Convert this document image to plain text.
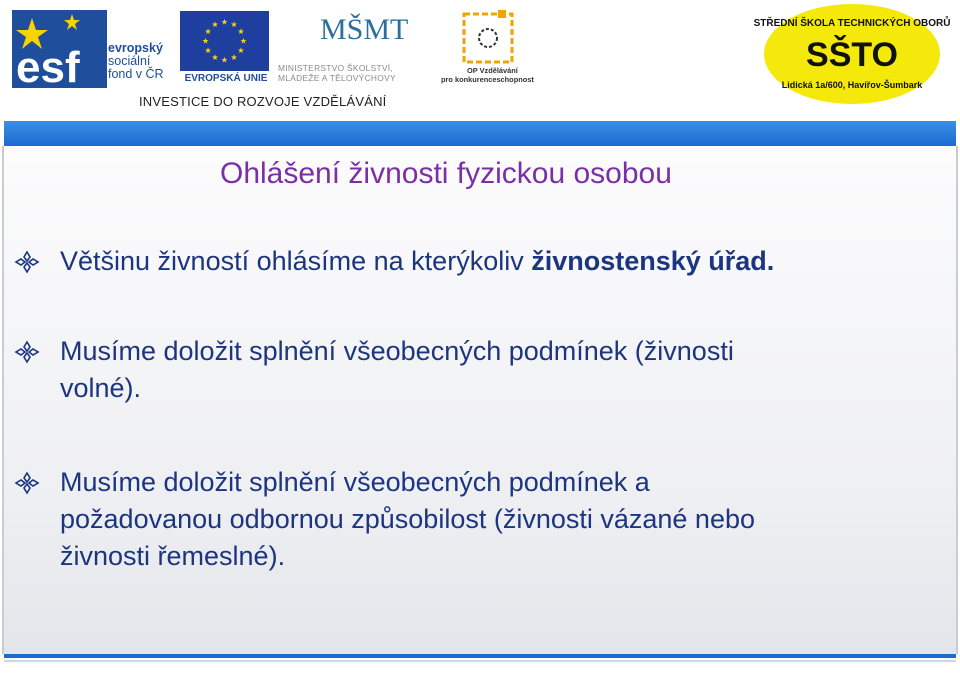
esf evropský
sociální
fond v ČR	EVROPSKÁ UNIE
MŠMT
MINISTERSTVO ŠKOLSTVÍ,
MLÁDEŽE A TĚLOVÝCHOVY
OP Vzdělávání
pro konkurenceschopnost
INVESTICE DO ROZVOJE VZDĚLÁVÁNÍ
STŘEDNÍ ŠKOLA TECHNICKÝCH OBORŮ
SŠTO
Lidická 1a/600, Havířov-Šumbark
Ohlášení živnosti fyzickou osobou
Většinu živností ohlásíme na kterýkoliv živnostenský úřad.
Musíme doložit splnění všeobecných podmínek (živnosti
volné).
Musíme doložit splnění všeobecných podmínek a
požadovanou odbornou způsobilost (živnosti vázané nebo
živnosti řemeslné).
